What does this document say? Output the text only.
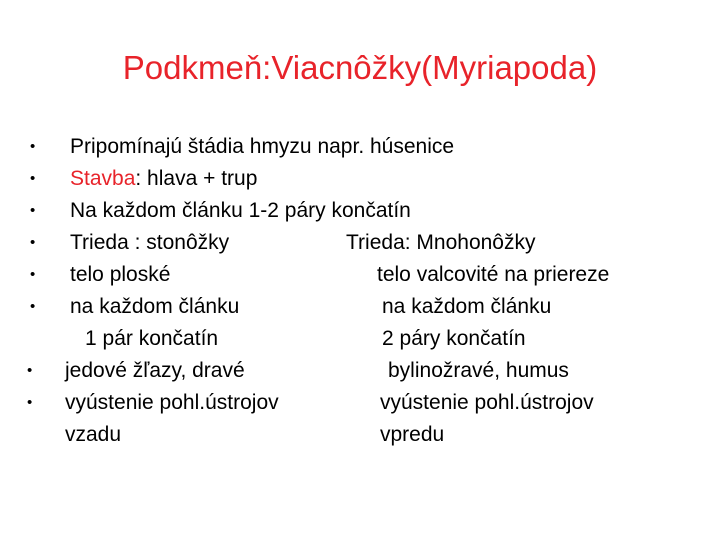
Podkmeň:Viacnôžky(Myriapoda)
• Pripomínajú štádia hmyzu napr. húsenice
• Stavba: hlava + trup
• Na každom článku 1-2 páry končatín
• Trieda : stonôžky	Trieda: Mnohonôžky
• telo ploské	telo valcovité na priereze
• na každom článku	na každom článku
1 pár končatín	2 páry končatín
• jedové žľazy, dravé	bylinožravé, humus
• vyústenie pohl.ústrojov	vyústenie pohl.ústrojov
vzadu	vpredu
